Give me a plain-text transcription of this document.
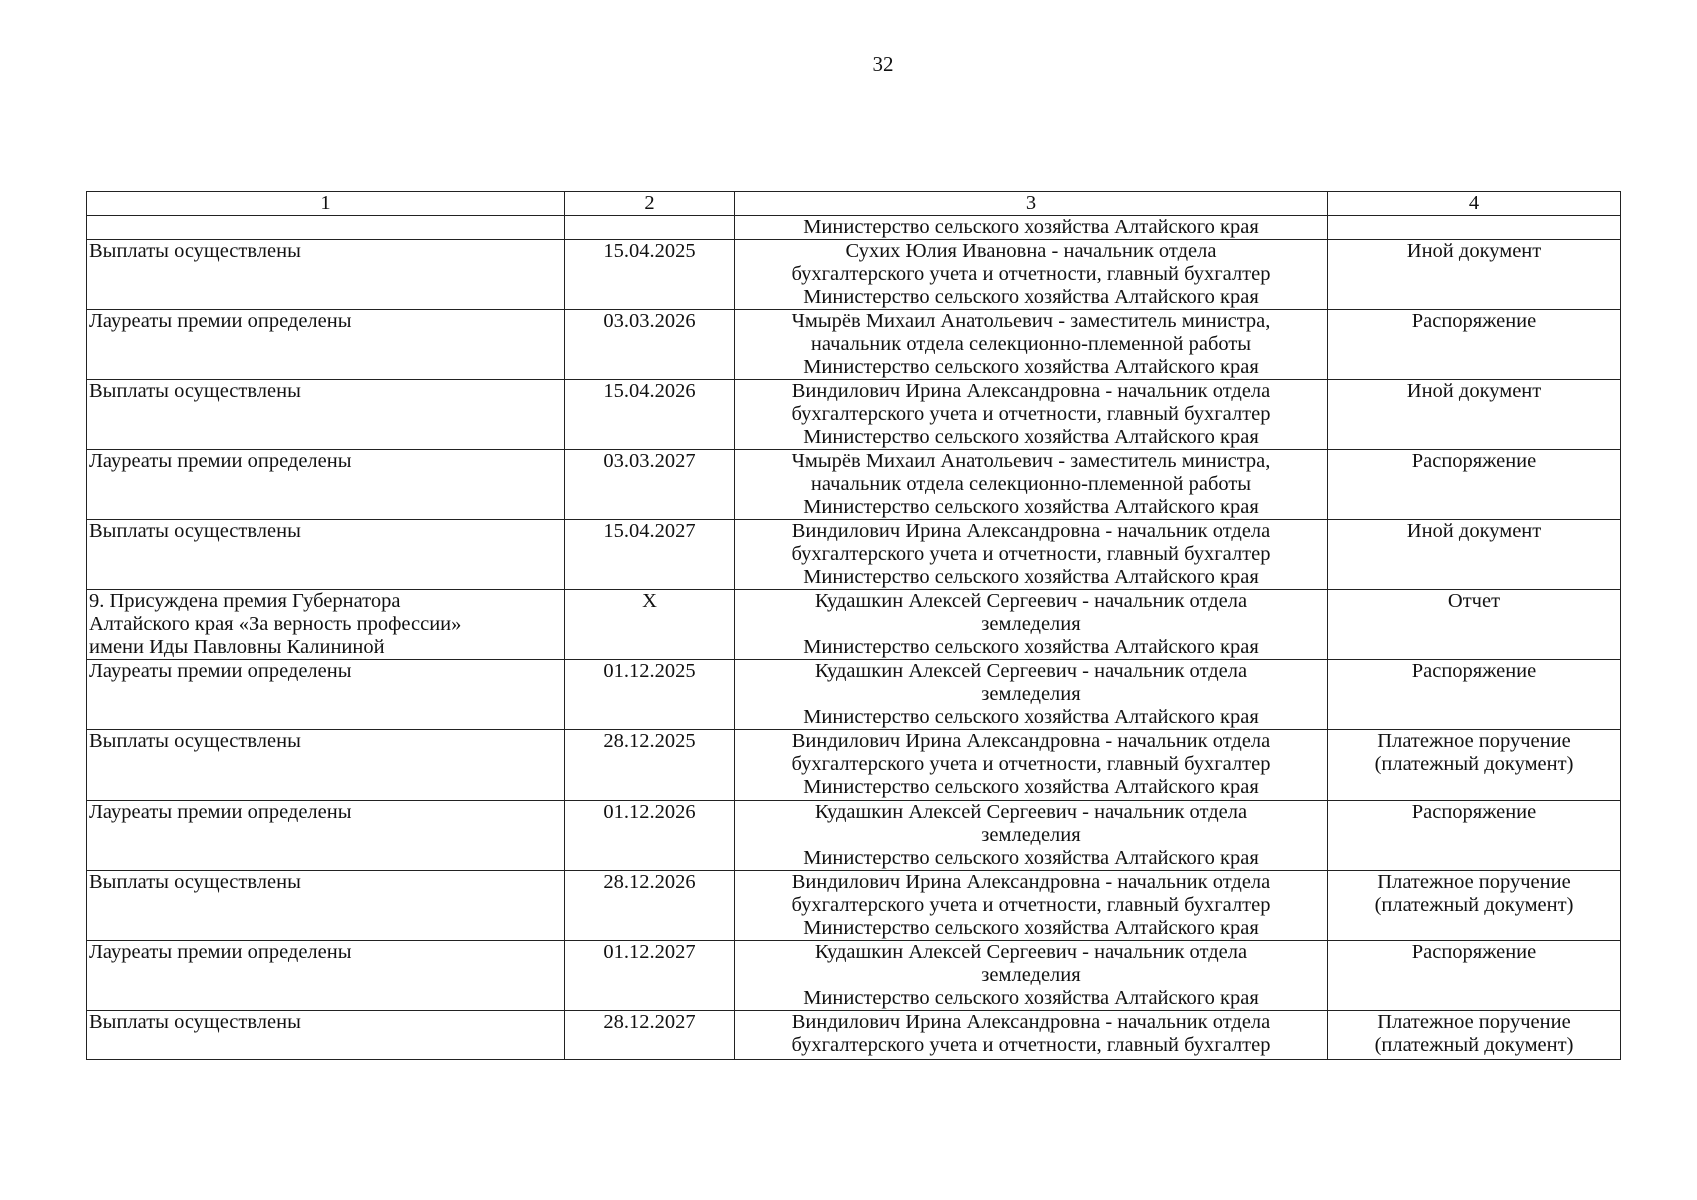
32
1	2	3	4

		Министерство сельского хозяйства Алтайского края	

Выплаты осуществлены	15.04.2025	Сухих Юлия Ивановна - начальник отдела
бухгалтерского учета и отчетности, главный бухгалтер
Министерство сельского хозяйства Алтайского края	Иной документ

Лауреаты премии определены	03.03.2026	Чмырёв Михаил Анатольевич - заместитель министра,
начальник отдела селекционно-племенной работы
Министерство сельского хозяйства Алтайского края	Распоряжение

Выплаты осуществлены	15.04.2026	Виндилович Ирина Александровна - начальник отдела
бухгалтерского учета и отчетности, главный бухгалтер
Министерство сельского хозяйства Алтайского края	Иной документ

Лауреаты премии определены	03.03.2027	Чмырёв Михаил Анатольевич - заместитель министра,
начальник отдела селекционно-племенной работы
Министерство сельского хозяйства Алтайского края	Распоряжение

Выплаты осуществлены	15.04.2027	Виндилович Ирина Александровна - начальник отдела
бухгалтерского учета и отчетности, главный бухгалтер
Министерство сельского хозяйства Алтайского края	Иной документ

9. Присуждена премия Губернатора
Алтайского края «За верность профессии»
имени Иды Павловны Калининой	Х	Кудашкин Алексей Сергеевич - начальник отдела
земледелия
Министерство сельского хозяйства Алтайского края	Отчет

Лауреаты премии определены	01.12.2025	Кудашкин Алексей Сергеевич - начальник отдела
земледелия
Министерство сельского хозяйства Алтайского края	Распоряжение

Выплаты осуществлены	28.12.2025	Виндилович Ирина Александровна - начальник отдела
бухгалтерского учета и отчетности, главный бухгалтер
Министерство сельского хозяйства Алтайского края	Платежное поручение
(платежный документ)

Лауреаты премии определены	01.12.2026	Кудашкин Алексей Сергеевич - начальник отдела
земледелия
Министерство сельского хозяйства Алтайского края	Распоряжение

Выплаты осуществлены	28.12.2026	Виндилович Ирина Александровна - начальник отдела
бухгалтерского учета и отчетности, главный бухгалтер
Министерство сельского хозяйства Алтайского края	Платежное поручение
(платежный документ)

Лауреаты премии определены	01.12.2027	Кудашкин Алексей Сергеевич - начальник отдела
земледелия
Министерство сельского хозяйства Алтайского края	Распоряжение

Выплаты осуществлены	28.12.2027	Виндилович Ирина Александровна - начальник отдела
бухгалтерского учета и отчетности, главный бухгалтер	Платежное поручение
(платежный документ)
